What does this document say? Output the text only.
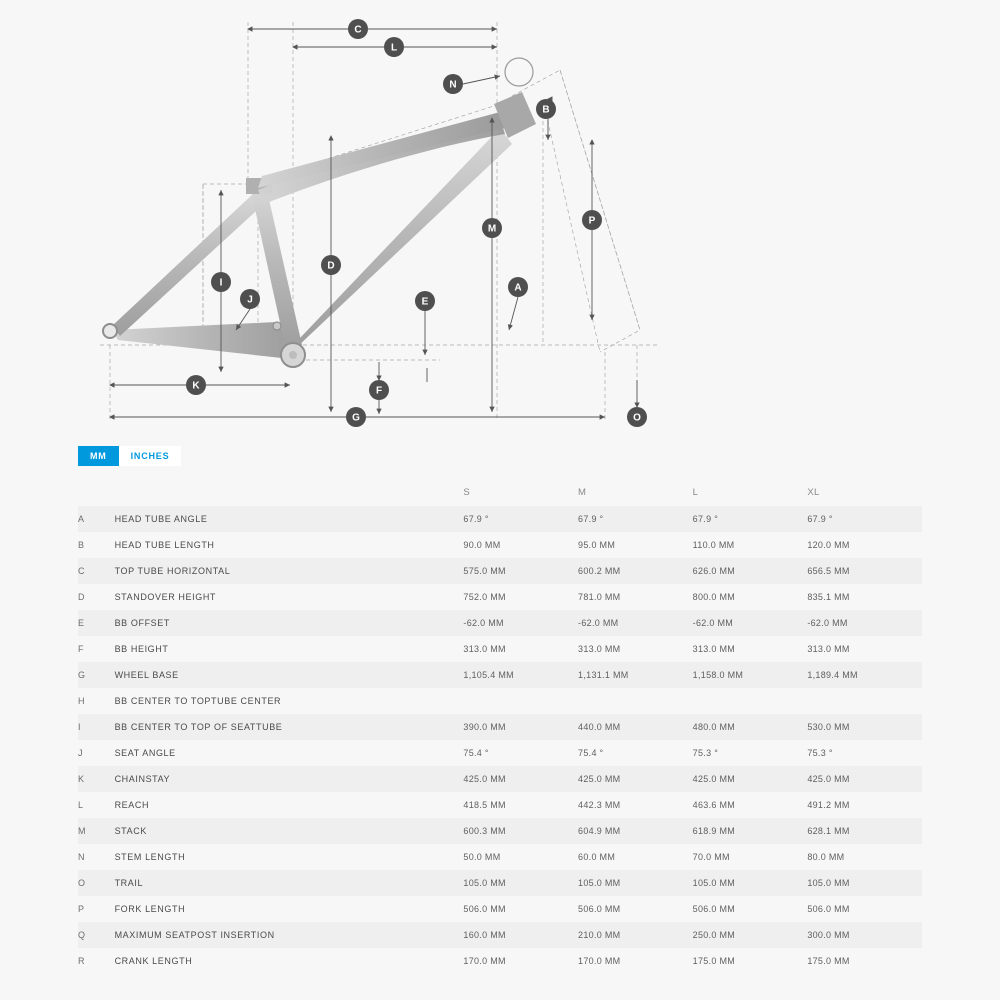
A
B
C
D
E
F
G
I
J
K
L
M
N
O
P
MM	INCHES
		S	M	L	XL
A	HEAD TUBE ANGLE	67.9 °	67.9 °	67.9 °	67.9 °
B	HEAD TUBE LENGTH	90.0 MM	95.0 MM	110.0 MM	120.0 MM
C	TOP TUBE HORIZONTAL	575.0 MM	600.2 MM	626.0 MM	656.5 MM
D	STANDOVER HEIGHT	752.0 MM	781.0 MM	800.0 MM	835.1 MM
E	BB OFFSET	-62.0 MM	-62.0 MM	-62.0 MM	-62.0 MM
F	BB HEIGHT	313.0 MM	313.0 MM	313.0 MM	313.0 MM
G	WHEEL BASE	1,105.4 MM	1,131.1 MM	1,158.0 MM	1,189.4 MM
H	BB CENTER TO TOPTUBE CENTER				
I	BB CENTER TO TOP OF SEATTUBE	390.0 MM	440.0 MM	480.0 MM	530.0 MM
J	SEAT ANGLE	75.4 °	75.4 °	75.3 °	75.3 °
K	CHAINSTAY	425.0 MM	425.0 MM	425.0 MM	425.0 MM
L	REACH	418.5 MM	442.3 MM	463.6 MM	491.2 MM
M	STACK	600.3 MM	604.9 MM	618.9 MM	628.1 MM
N	STEM LENGTH	50.0 MM	60.0 MM	70.0 MM	80.0 MM
O	TRAIL	105.0 MM	105.0 MM	105.0 MM	105.0 MM
P	FORK LENGTH	506.0 MM	506.0 MM	506.0 MM	506.0 MM
Q	MAXIMUM SEATPOST INSERTION	160.0 MM	210.0 MM	250.0 MM	300.0 MM
R	CRANK LENGTH	170.0 MM	170.0 MM	175.0 MM	175.0 MM
